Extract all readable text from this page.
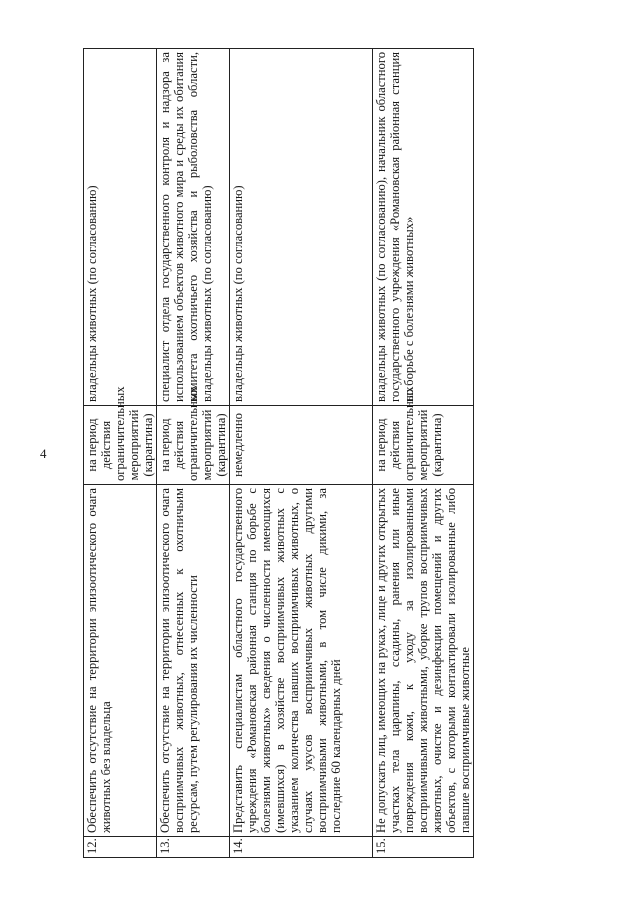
4
12.	Обеспечить отсутствие на территории эпизоотического очага животных без владельца	на период действия ограничительных мероприятий (карантина)	владельцы животных (по согласованию)
13.	Обеспечить отсутствие на территории эпизоотического очага восприимчивых животных, отнесенных к охотничьим ресурсам, путем регулирования их численности	на период действия ограничительных мероприятий (карантина)	специалист отдела государственного контроля и надзора за использованием объектов животного мира и среды их обитания комитета охотничьего хозяйства и рыболовства области, владельцы животных (по согласованию)
14.	Представить специалистам областного государственного учреждения «Романовская районная станция по борьбе с болезнями животных» сведения о численности имеющихся (имевшихся) в хозяйстве восприимчивых животных с указанием количества павших восприимчивых животных, о случаях укусов восприимчивых животных другими восприимчивыми животными, в том числе дикими, за последние 60 календарных дней	немедленно	владельцы животных (по согласованию)
15.	Не допускать лиц, имеющих на руках, лице и других открытых участках тела царапины, ссадины, ранения или иные повреждения кожи, к уходу за изолированными восприимчивыми животными, уборке трупов восприимчивых животных, очистке и дезинфекции помещений и других объектов, с которыми контактировали изолированные либо павшие восприимчивые животные	на период действия ограничительных мероприятий (карантина)	владельцы животных (по согласованию), начальник областного государственного учреждения «Романовская районная станция по борьбе с болезнями животных»
